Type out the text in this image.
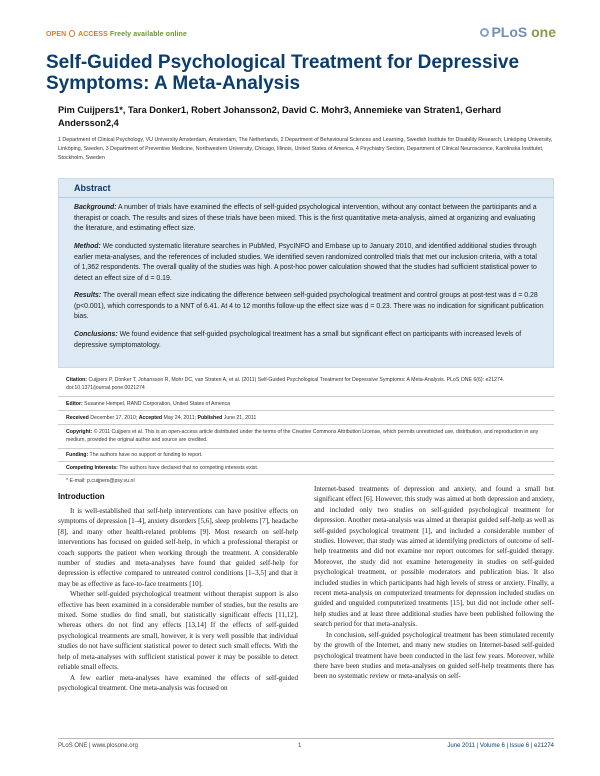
OPEN ACCESS Freely available online	PLoS one
Self-Guided Psychological Treatment for Depressive Symptoms: A Meta-Analysis
Pim Cuijpers1*, Tara Donker1, Robert Johansson2, David C. Mohr3, Annemieke van Straten1, Gerhard Andersson2,4
1 Department of Clinical Psychology, VU University Amsterdam, Amsterdam, The Netherlands, 2 Department of Behavioural Sciences and Learning, Swedish Institute for Disability Research, Linköping University, Linköping, Sweden, 3 Department of Preventive Medicine, Northwestern University, Chicago, Illinois, United States of America, 4 Psychiatry Section, Department of Clinical Neuroscience, Karolinska Institutet, Stockholm, Sweden
Abstract
Background: A number of trials have examined the effects of self-guided psychological intervention, without any contact between the participants and a therapist or coach. The results and sizes of these trials have been mixed. This is the first quantitative meta-analysis, aimed at organizing and evaluating the literature, and estimating effect size.
Method: We conducted systematic literature searches in PubMed, PsycINFO and Embase up to January 2010, and identified additional studies through earlier meta-analyses, and the references of included studies. We identified seven randomized controlled trials that met our inclusion criteria, with a total of 1,362 respondents. The overall quality of the studies was high. A post-hoc power calculation showed that the studies had sufficient statistical power to detect an effect size of d = 0.19.
Results: The overall mean effect size indicating the difference between self-guided psychological treatment and control groups at post-test was d = 0.28 (p<0.001), which corresponds to a NNT of 6.41. At 4 to 12 months follow-up the effect size was d = 0.23. There was no indication for significant publication bias.
Conclusions: We found evidence that self-guided psychological treatment has a small but significant effect on participants with increased levels of depressive symptomatology.
Citation: Cuijpers P, Donker T, Johansson R, Mohr DC, van Straten A, et al. (2011) Self-Guided Psychological Treatment for Depressive Symptoms: A Meta-Analysis. PLoS ONE 6(6): e21274. doi:10.1371/journal.pone.0021274
Editor: Susanne Hempel, RAND Corporation, United States of America
Received December 17, 2010; Accepted May 24, 2011; Published June 21, 2011
Copyright: © 2011 Cuijpers et al. This is an open-access article distributed under the terms of the Creative Commons Attribution License, which permits unrestricted use, distribution, and reproduction in any medium, provided the original author and source are credited.
Funding: The authors have no support or funding to report.
Competing Interests: The authors have declared that no competing interests exist.
* E-mail: p.cuijpers@psy.vu.nl
Introduction

It is well-established that self-help interventions can have positive effects on symptoms of depression [1–4], anxiety disorders [5,6], sleep problems [7], headache [8], and many other health-related problems [9]. Most research on self-help interventions has focused on guided self-help, in which a professional therapist or coach supports the patient when working through the treatment. A considerable number of studies and meta-analyses have found that guided self-help for depression is effective compared to untreated control conditions [1–3,5] and that it may be as effective as face-to-face treatments [10].

Whether self-guided psychological treatment without therapist support is also effective has been examined in a considerable number of studies, but the results are mixed. Some studies do find small, but statistically significant effects [11,12], whereas others do not find any effects [13,14] If the effects of self-guided psychological treatments are small, however, it is very well possible that individual studies do not have sufficient statistical power to detect such small effects. With the help of meta-analyses with sufficient statistical power it may be possible to detect reliable small effects.

A few earlier meta-analyses have examined the effects of self-guided psychological treatment. One meta-analysis was focused on

Internet-based treatments of depression and anxiety, and found a small but significant effect [6]. However, this study was aimed at both depression and anxiety, and included only two studies on self-guided psychological treatment for depression. Another meta-analysis was aimed at therapist guided self-help as well as self-guided psychological treatment [1], and included a considerable number of studies. However, that study was aimed at identifying predictors of outcome of self-help treatments and did not examine nor report outcomes for self-guided therapy. Moreover, the study did not examine heterogeneity in studies on self-guided psychological treatment, or possible moderators and publication bias. It also included studies in which participants had high levels of stress or anxiety. Finally, a recent meta-analysis on computerized treatments for depression included studies on guided and unguided computerized treatments [15], but did not include other self-help studies and at least three additional studies have been published following the search period for that meta-analysis.

In conclusion, self-guided psychological treatment has been stimulated recently by the growth of the Internet, and many new studies on Internet-based self-guided psychological treatment have been conducted in the last few years. Moreover, while there have been studies and meta-analyses on guided self-help treatments there has been no systematic review or meta-analysis on self-

PLoS ONE | www.plosone.org	1	June 2011 | Volume 6 | Issue 6 | e21274
